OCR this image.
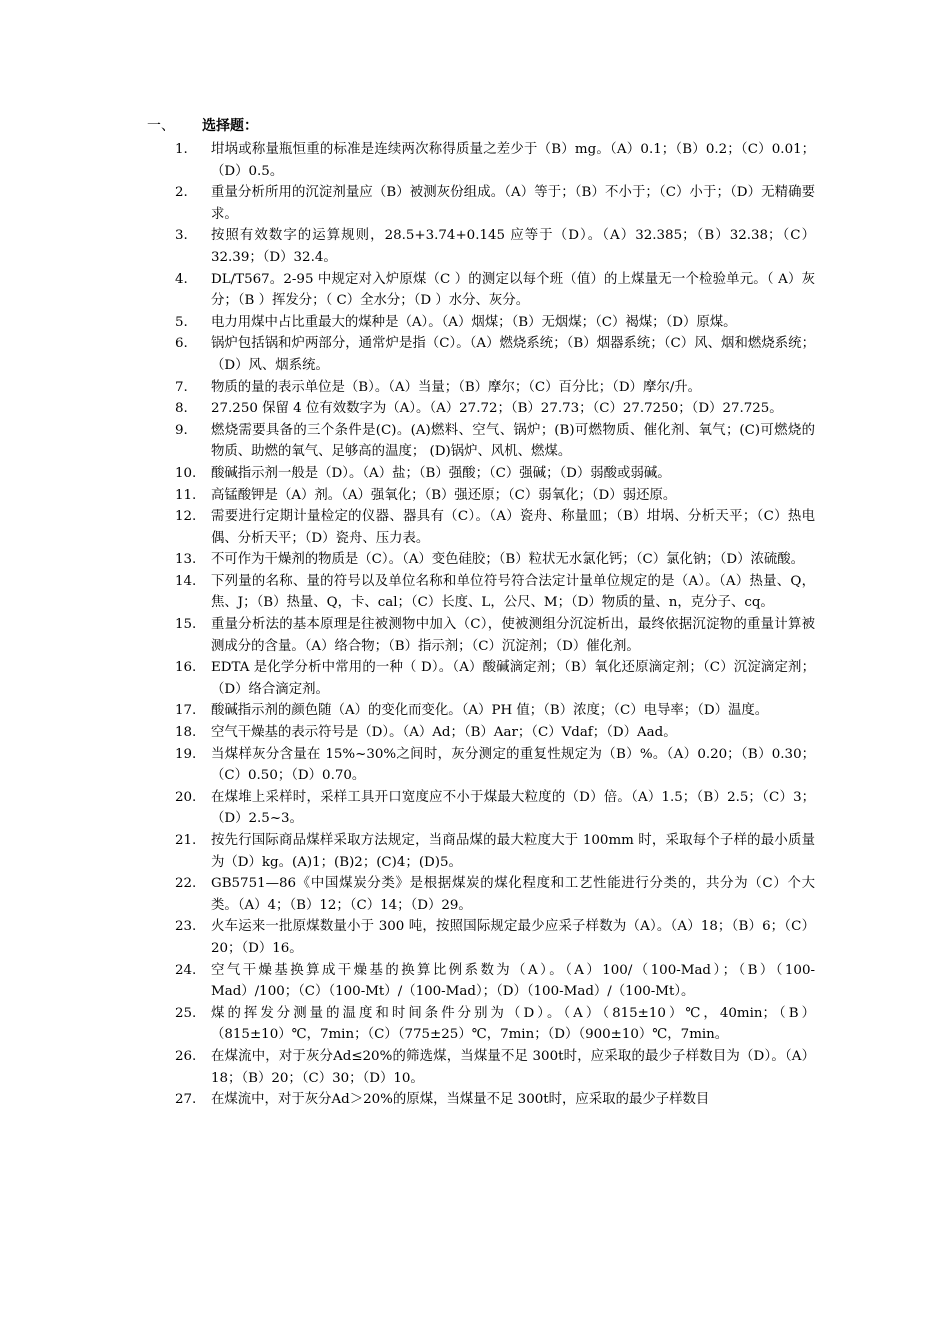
一、 选择题：
1.	坩埚或称量瓶恒重的标准是连续两次称得质量之差少于（B）mg。（A）0.1；（B）0.2；（C）0.01；（D）0.5。
2.	重量分析所用的沉淀剂量应（B）被测灰份组成。（A）等于；（B）不小于；（C）小于；（D）无精确要求。
3.	按照有效数字的运算规则，28.5+3.74+0.145 应等于（D）。（A）32.385；（B）32.38；（C）32.39；（D）32.4。
4.	DL/T567。2-95 中规定对入炉原煤（C ）的测定以每个班（值）的上煤量无一个检验单元。（ A）灰分；（B ）挥发分；（ C）全水分；（D ）水分、灰分。
5.	电力用煤中占比重最大的煤种是（A）。（A）烟煤；（B）无烟煤；（C）褐煤；（D）原煤。
6.	锅炉包括锅和炉两部分，通常炉是指（C）。（A）燃烧系统；（B）烟器系统；（C）风、烟和燃烧系统；（D）风、烟系统。
7.	物质的量的表示单位是（B）。（A）当量；（B）摩尔；（C）百分比；（D）摩尔/升。
8.	27.250 保留 4 位有效数字为（A）。（A）27.72；（B）27.73；（C）27.7250；（D）27.725。
9.	燃烧需要具备的三个条件是(C)。(A)燃料、空气、锅炉；(B)可燃物质、催化剂、氧气；(C)可燃烧的物质、助燃的氧气、足够高的温度； (D)锅炉、风机、燃煤。
10.	酸碱指示剂一般是（D）。（A）盐；（B）强酸；（C）强碱；（D）弱酸或弱碱。
11.	高锰酸钾是（A）剂。（A）强氧化；（B）强还原；（C）弱氧化；（D）弱还原。
12.	需要进行定期计量检定的仪器、器具有（C）。（A）瓷舟、称量皿；（B）坩埚、分析天平；（C）热电偶、分析天平；（D）瓷舟、压力表。
13.	不可作为干燥剂的物质是（C）。（A）变色硅胶；（B）粒状无水氯化钙；（C）氯化钠；（D）浓硫酸。
14.	下列量的名称、量的符号以及单位名称和单位符号符合法定计量单位规定的是（A）。（A）热量、Q，焦、J；（B）热量、Q，卡、cal；（C）长度、L，公尺、M；（D）物质的量、n，克分子、cq。
15.	重量分析法的基本原理是往被测物中加入（C），使被测组分沉淀析出，最终依据沉淀物的重量计算被测成分的含量。（A）络合物；（B）指示剂；（C）沉淀剂；（D）催化剂。
16.	EDTA 是化学分析中常用的一种（ D）。（A）酸碱滴定剂；（B）氧化还原滴定剂；（C）沉淀滴定剂；（D）络合滴定剂。
17.	酸碱指示剂的颜色随（A）的变化而变化。（A）PH 值；（B）浓度；（C）电导率；（D）温度。
18.	空气干燥基的表示符号是（D）。（A）Ad；（B）Aar；（C）Vdaf；（D）Aad。
19.	当煤样灰分含量在 15%~30%之间时，灰分测定的重复性规定为（B）%。（A）0.20；（B）0.30；（C）0.50；（D）0.70。
20.	在煤堆上采样时，采样工具开口宽度应不小于煤最大粒度的（D）倍。（A）1.5；（B）2.5；（C）3；（D）2.5~3。
21.	按先行国际商品煤样采取方法规定，当商品煤的最大粒度大于 100mm 时，采取每个子样的最小质量为（D）kg。(A)1；(B)2；(C)4；(D)5。
22.	GB5751—86《中国煤炭分类》是根据煤炭的煤化程度和工艺性能进行分类的，共分为（C）个大类。（A）4；（B）12；（C）14；（D）29。
23.	火车运来一批原煤数量小于 300 吨，按照国际规定最少应采子样数为（A）。（A）18；（B）6；（C）20；（D）16。
24.	空气干燥基换算成干燥基的换算比例系数为（A）。（A）100/（100-Mad）；（B）（100-Mad）/100；（C）（100-Mt）/（100-Mad）；（D）（100-Mad）/（100-Mt）。
25.	煤的挥发分测量的温度和时间条件分别为（D）。（A）（815±10）℃，40min；（B）（815±10）℃，7min；（C）（775±25）℃，7min；（D）（900±10）℃，7min。
26.	在煤流中，对于灰分Ad≤20%的筛选煤，当煤量不足 300t时，应采取的最少子样数目为（D）。（A）18；（B）20；（C）30；（D）10。
27.	在煤流中，对于灰分Ad＞20%的原煤，当煤量不足 300t时，应采取的最少子样数目
